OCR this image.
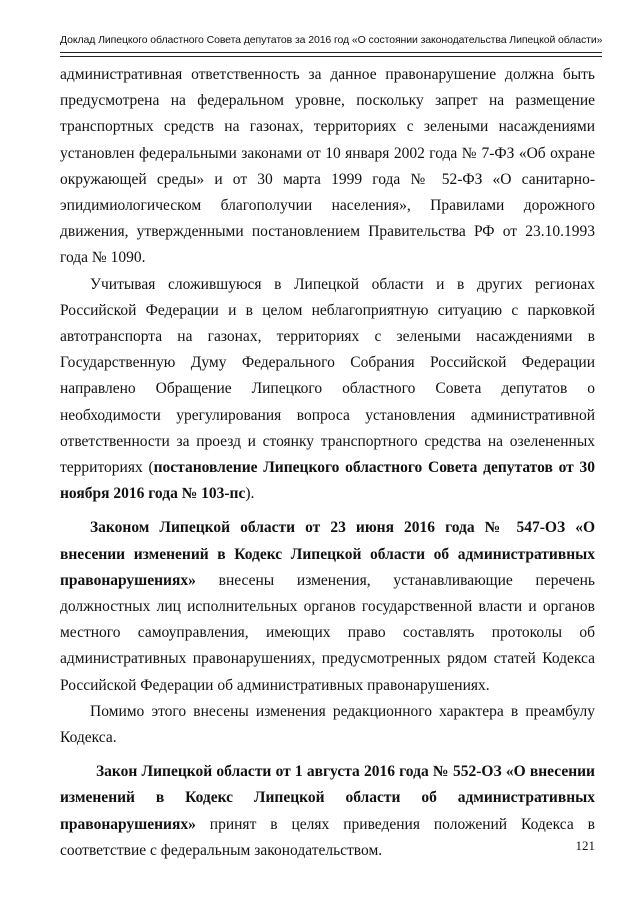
Доклад Липецкого областного Совета депутатов за 2016 год «О состоянии законодательства Липецкой области»

административная ответственность за данное правонарушение должна быть предусмотрена на федеральном уровне, поскольку запрет на размещение транспортных средств на газонах, территориях с зелеными насаждениями установлен федеральными законами от 10 января 2002 года № 7-ФЗ «Об охране окружающей среды» и от 30 марта 1999 года № 52-ФЗ «О санитарно-эпидимиологическом благополучии населения», Правилами дорожного движения, утвержденными постановлением Правительства РФ от 23.10.1993 года № 1090.

Учитывая сложившуюся в Липецкой области и в других регионах Российской Федерации и в целом неблагоприятную ситуацию с парковкой автотранспорта на газонах, территориях с зелеными насаждениями в Государственную Думу Федерального Собрания Российской Федерации направлено Обращение Липецкого областного Совета депутатов о необходимости урегулирования вопроса установления административной ответственности за проезд и стоянку транспортного средства на озелененных территориях (постановление Липецкого областного Совета депутатов от 30 ноября 2016 года № 103-пс).

Законом Липецкой области от 23 июня 2016 года № 547-ОЗ «О внесении изменений в Кодекс Липецкой области об административных правонарушениях» внесены изменения, устанавливающие перечень должностных лиц исполнительных органов государственной власти и органов местного самоуправления, имеющих право составлять протоколы об административных правонарушениях, предусмотренных рядом статей Кодекса Российской Федерации об административных правонарушениях.

Помимо этого внесены изменения редакционного характера в преамбулу Кодекса.

Закон Липецкой области от 1 августа 2016 года № 552-ОЗ «О внесении изменений в Кодекс Липецкой области об административных правонарушениях» принят в целях приведения положений Кодекса в соответствие с федеральным законодательством.	121
